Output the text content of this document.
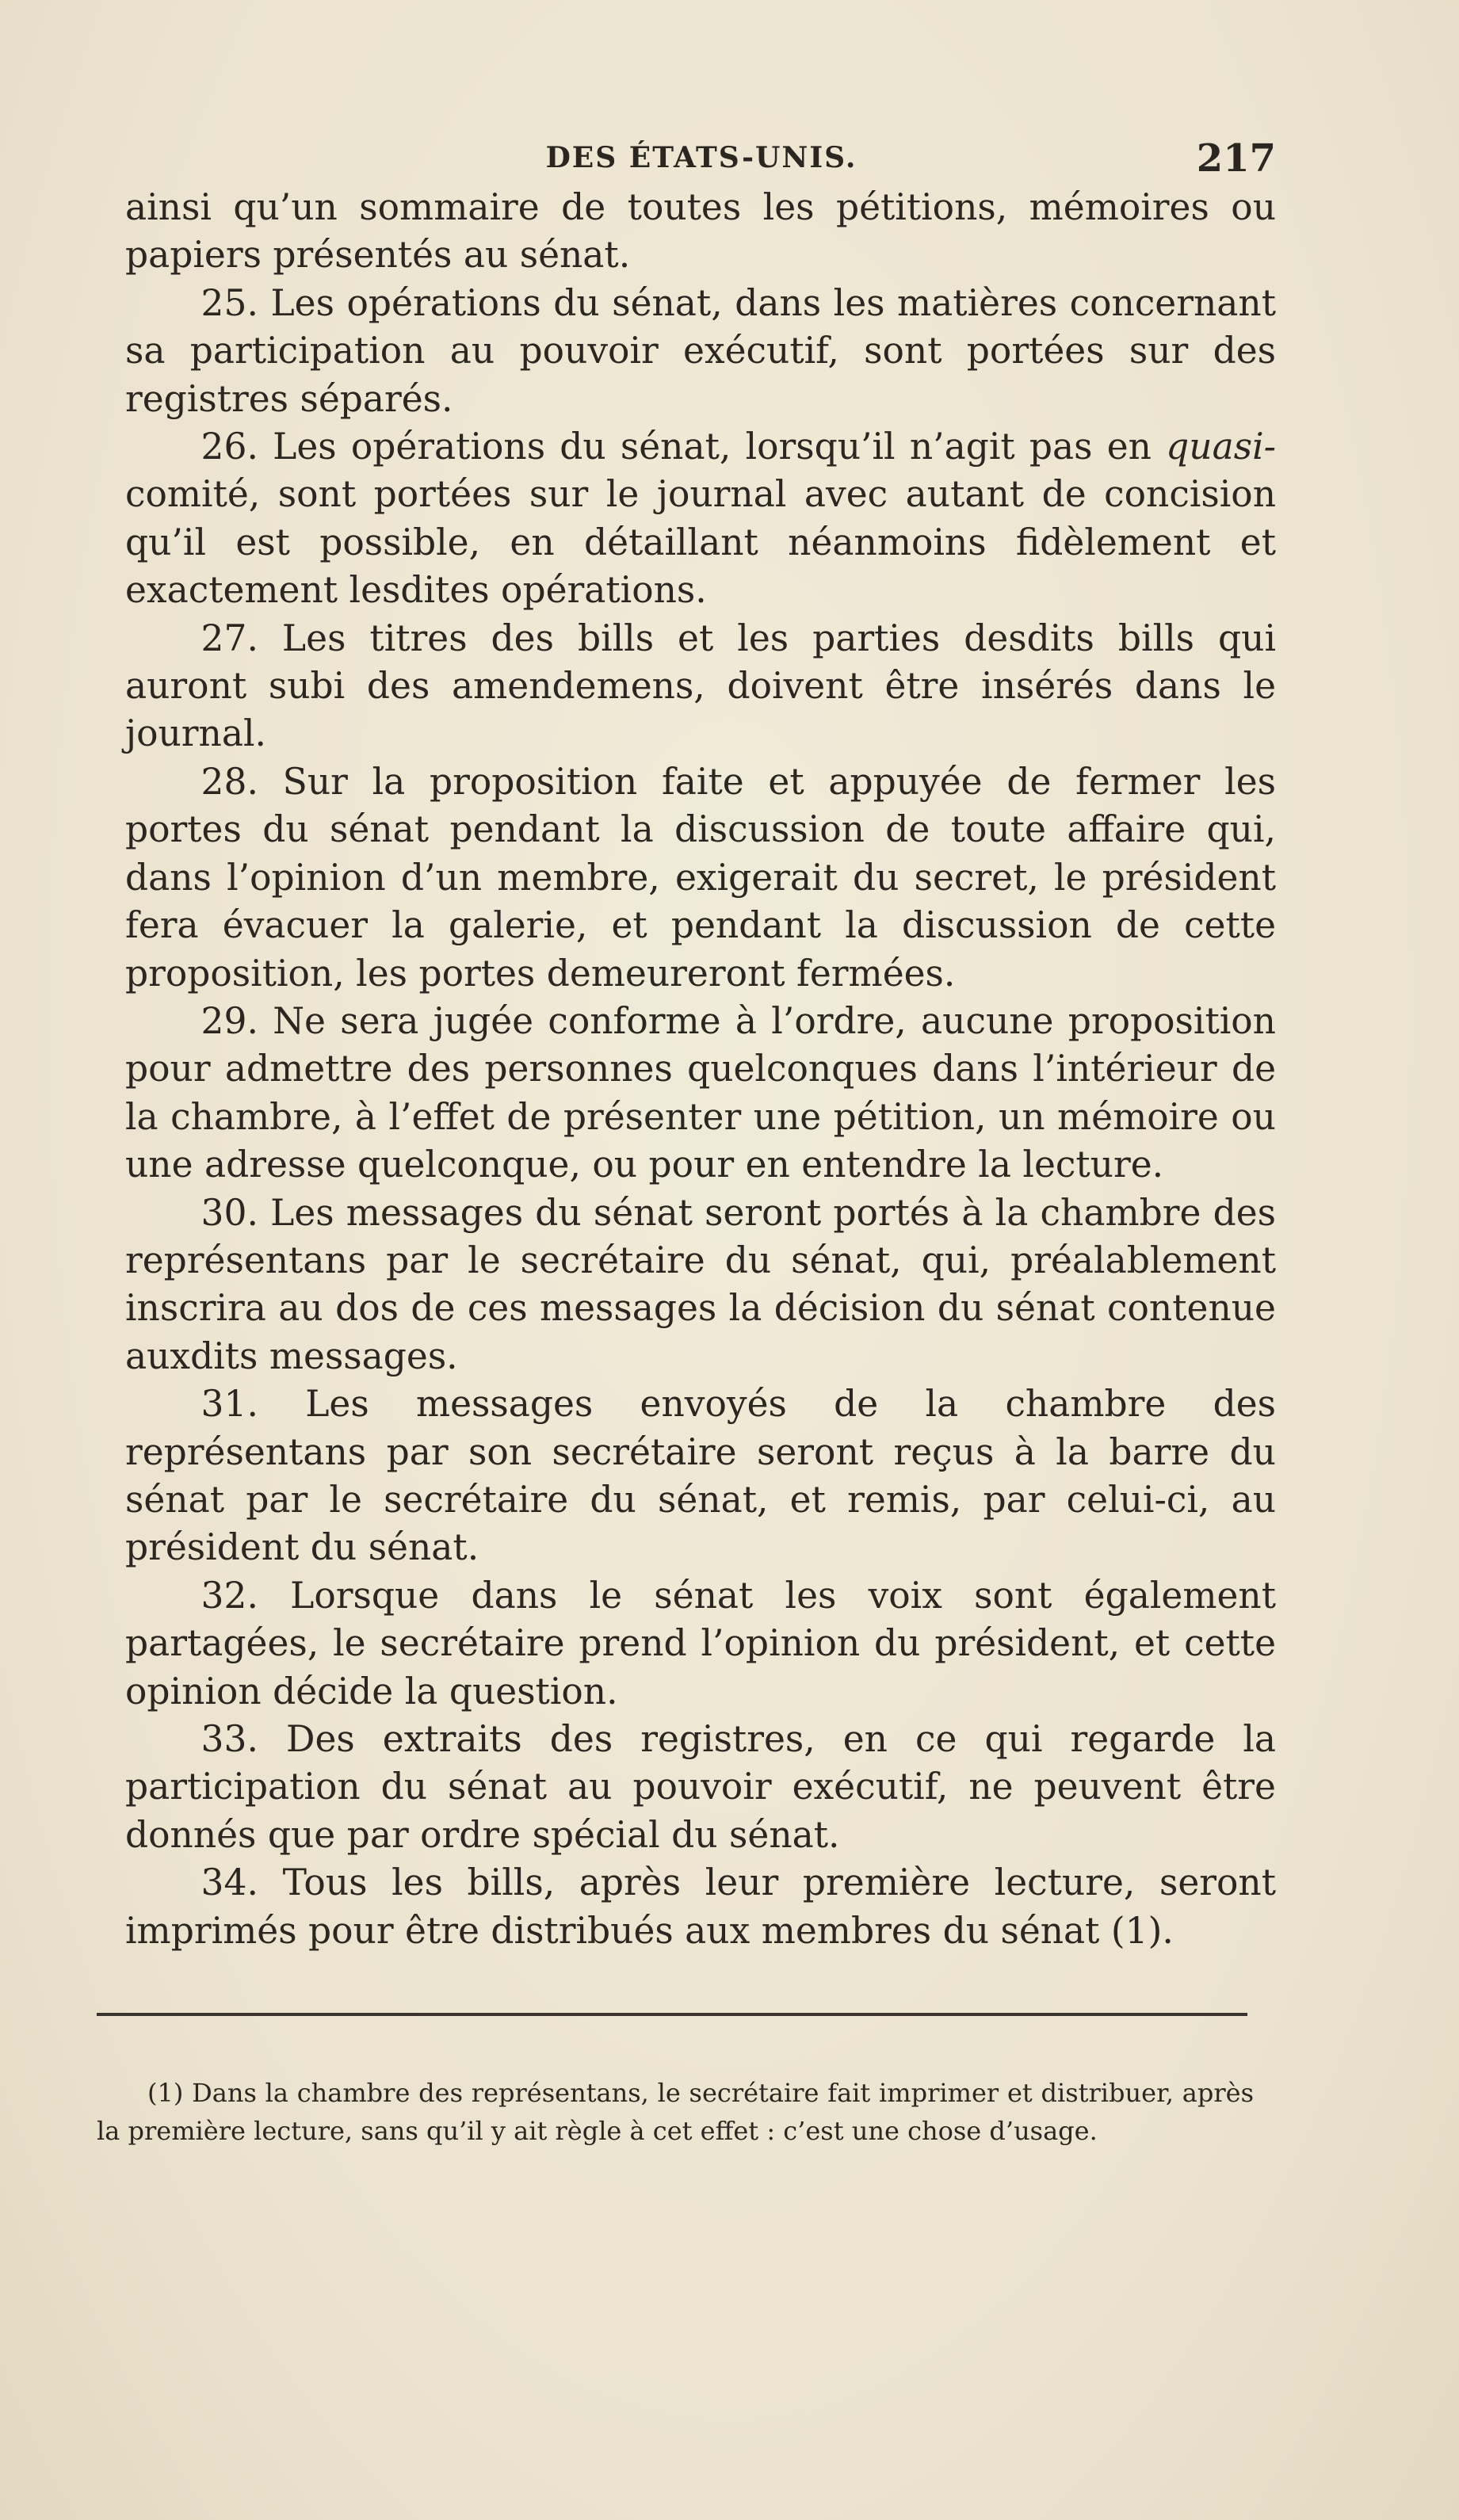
DES ÉTATS-UNIS.	217

ainsi qu’un sommaire de toutes les pétitions, mémoires ou papiers présentés au sénat.

25. Les opérations du sénat, dans les matières concernant sa participation au pouvoir exécutif, sont portées sur des registres séparés.

26. Les opérations du sénat, lorsqu’il n’agit pas en quasi-comité, sont portées sur le journal avec autant de concision qu’il est possible, en détaillant néanmoins fidèlement et exactement lesdites opérations.

27. Les titres des bills et les parties desdits bills qui auront subi des amendemens, doivent être insérés dans le journal.

28. Sur la proposition faite et appuyée de fermer les portes du sénat pendant la discussion de toute affaire qui, dans l’opinion d’un membre, exigerait du secret, le président fera évacuer la galerie, et pendant la discussion de cette proposition, les portes demeureront fermées.

29. Ne sera jugée conforme à l’ordre, aucune proposition pour admettre des personnes quelconques dans l’intérieur de la chambre, à l’effet de présenter une pétition, un mémoire ou une adresse quelconque, ou pour en entendre la lecture.

30. Les messages du sénat seront portés à la chambre des représentans par le secrétaire du sénat, qui, préalablement inscrira au dos de ces messages la décision du sénat contenue auxdits messages.

31. Les messages envoyés de la chambre des représentans par son secrétaire seront reçus à la barre du sénat par le secrétaire du sénat, et remis, par celui-ci, au président du sénat.

32. Lorsque dans le sénat les voix sont également partagées, le secrétaire prend l’opinion du président, et cette opinion décide la question.

33. Des extraits des registres, en ce qui regarde la participation du sénat au pouvoir exécutif, ne peuvent être donnés que par ordre spécial du sénat.

34. Tous les bills, après leur première lecture, seront imprimés pour être distribués aux membres du sénat (1).

(1) Dans la chambre des représentans, le secrétaire fait imprimer et distribuer, après la première lecture, sans qu’il y ait règle à cet effet : c’est une chose d’usage.
